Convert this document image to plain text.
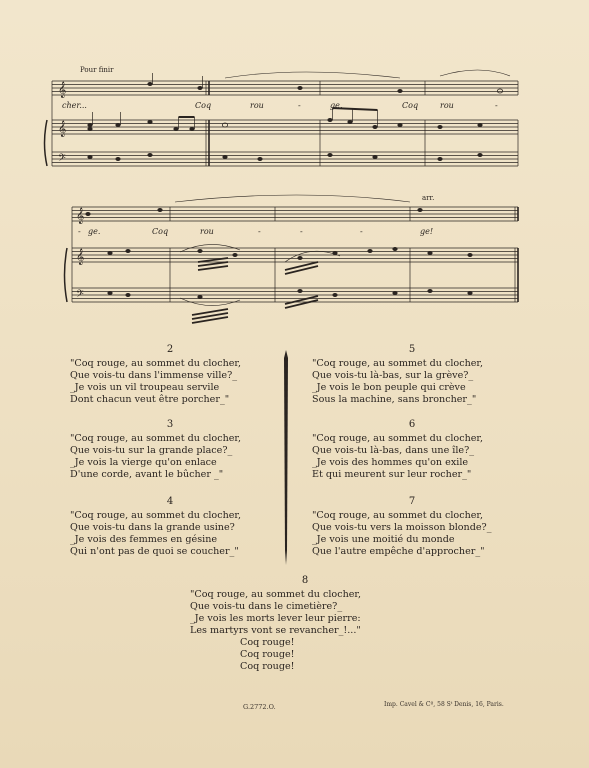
𝄞
𝄞
𝄢
Pour finir
cher...	Coq	rou	-	ge,	Coq	rou	-
𝄞
𝄞
𝄢
arr.
- ge.	Coq	rou	-	-	-	ge!
2
"Coq rouge, au sommet du clocher,
Que vois-tu dans l'immense ville?_
_Je vois un vil troupeau servile
Dont chacun veut être porcher_"
3
"Coq rouge, au sommet du clocher,
Que vois-tu sur la grande place?_
_Je vois la vierge qu'on enlace
D'une corde, avant le bûcher _"
4
"Coq rouge, au sommet du clocher,
Que vois-tu dans la grande usine?
_Je vois des femmes en gésine
Qui n'ont pas de quoi se coucher_"
5
"Coq rouge, au sommet du clocher,
Que vois-tu là-bas, sur la grève?_
_Je vois le bon peuple qui crève
Sous la machine, sans broncher_"
6
"Coq rouge, au sommet du clocher,
Que vois-tu là-bas, dans une île?_
_Je vois des hommes qu'on exile
Et qui meurent sur leur rocher_"
7
"Coq rouge, au sommet du clocher,
Que vois-tu vers la moisson blonde?_
_Je vois une moitié du monde
Que l'autre empêche d'approcher_"
8
"Coq rouge, au sommet du clocher,
Que vois-tu dans le cimetière?_
_Je vois les morts lever leur pierre:
Les martyrs vont se revancher_!..."
Coq rouge!
Coq rouge!
Coq rouge!
G.2772.O.	Imp. Cavel & Cº, 58 Sᵗ Denis, 16, Paris.
